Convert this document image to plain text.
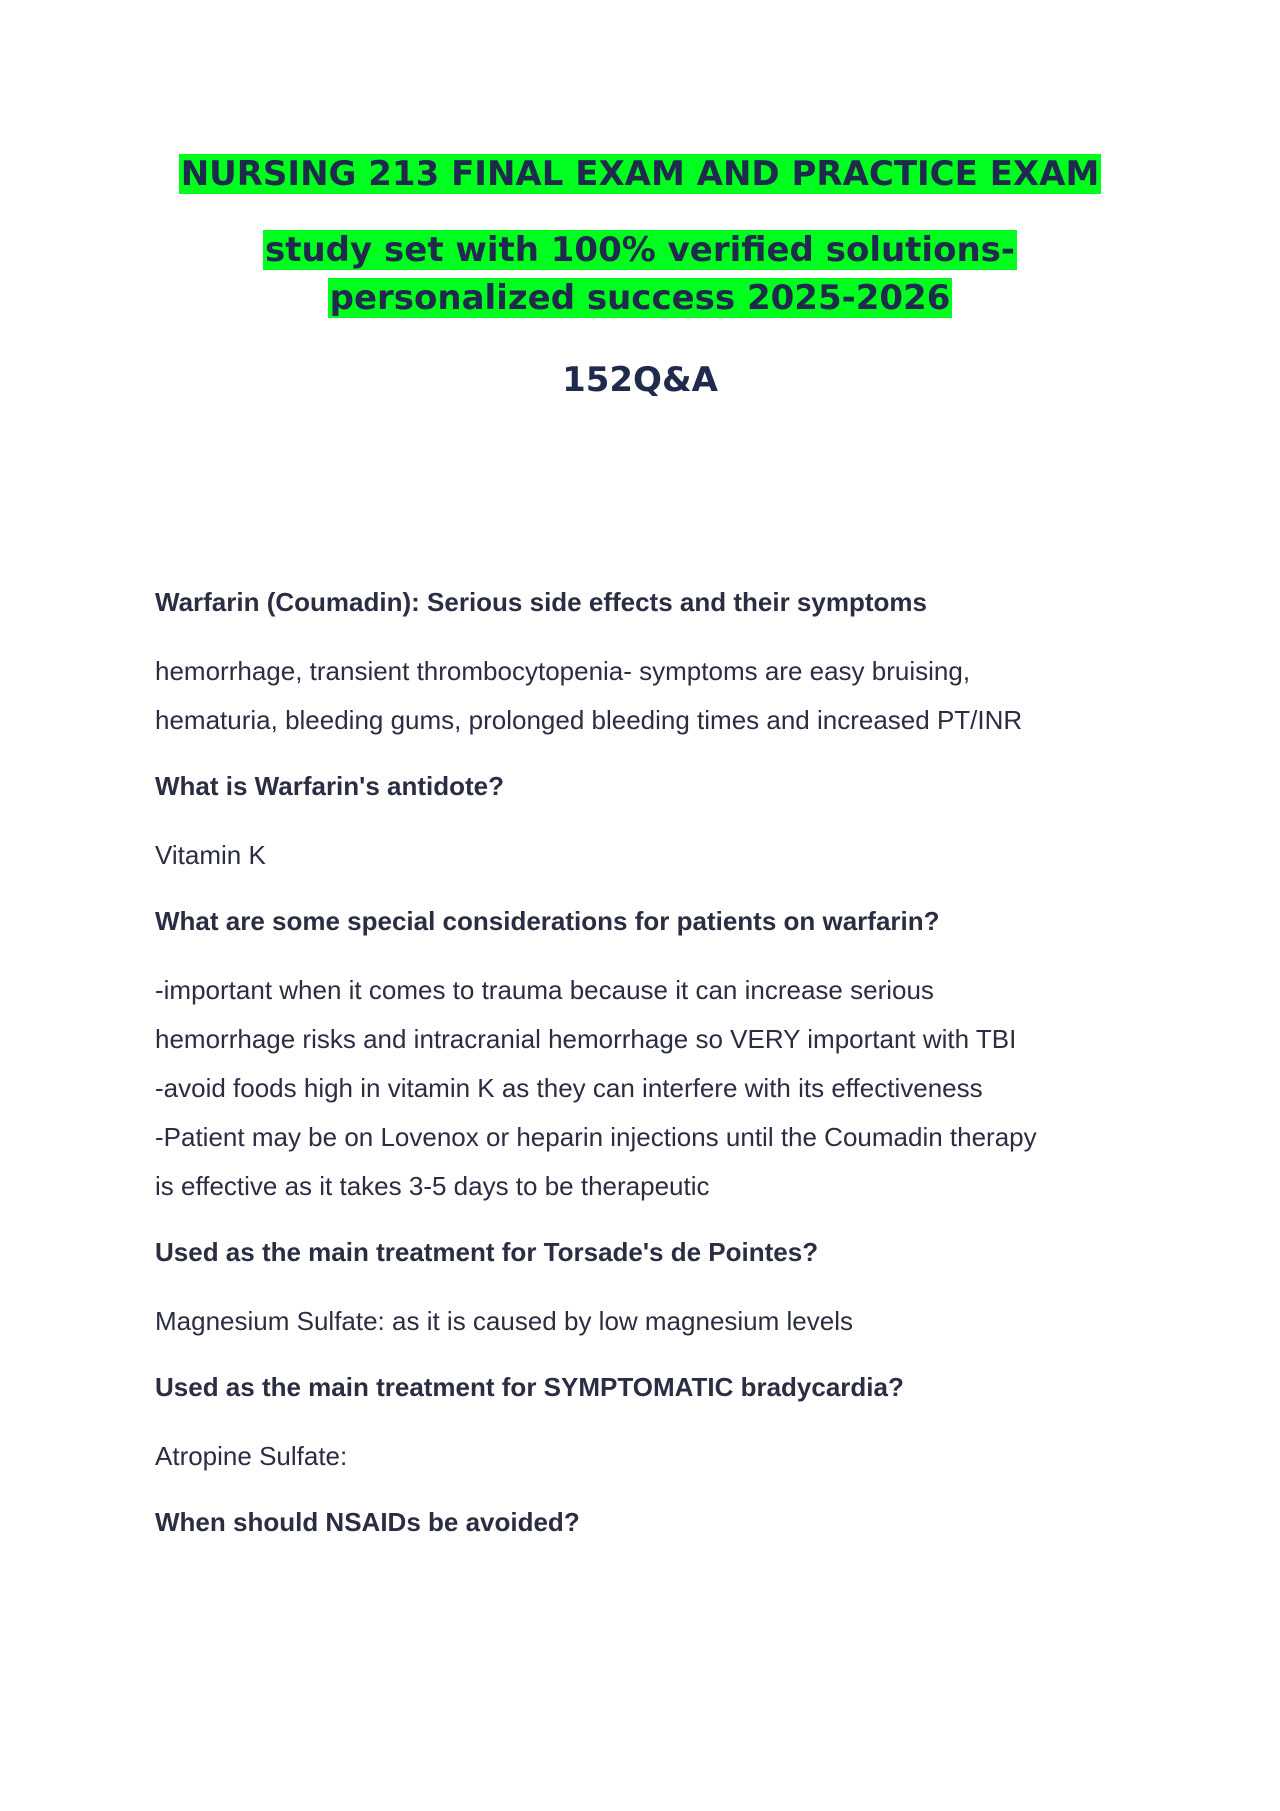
NURSING 213 FINAL EXAM AND PRACTICE EXAM

study set with 100% verified solutions-personalized success 2025-2026

152Q&A

Warfarin (Coumadin): Serious side effects and their symptoms

hemorrhage, transient thrombocytopenia- symptoms are easy bruising,
hematuria, bleeding gums, prolonged bleeding times and increased PT/INR

What is Warfarin's antidote?

Vitamin K

What are some special considerations for patients on warfarin?

-important when it comes to trauma because it can increase serious
hemorrhage risks and intracranial hemorrhage so VERY important with TBI
-avoid foods high in vitamin K as they can interfere with its effectiveness
-Patient may be on Lovenox or heparin injections until the Coumadin therapy
is effective as it takes 3-5 days to be therapeutic

Used as the main treatment for Torsade's de Pointes?

Magnesium Sulfate: as it is caused by low magnesium levels

Used as the main treatment for SYMPTOMATIC bradycardia?

Atropine Sulfate:

When should NSAIDs be avoided?
